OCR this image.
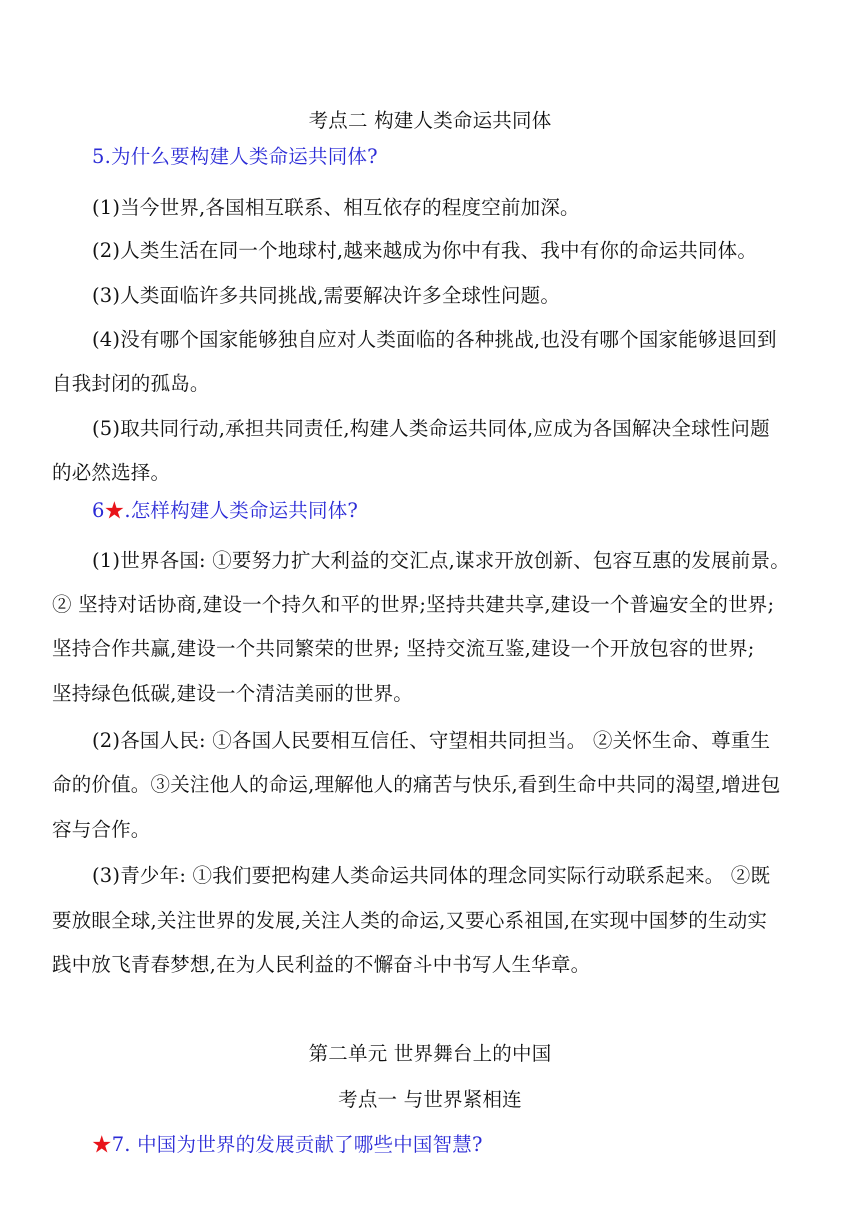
考点二 构建人类命运共同体
5.为什么要构建人类命运共同体?
(1)当今世界,各国相互联系、相互依存的程度空前加深。
(2)人类生活在同一个地球村,越来越成为你中有我、我中有你的命运共同体。
(3)人类面临许多共同挑战,需要解决许多全球性问题。
(4)没有哪个国家能够独自应对人类面临的各种挑战,也没有哪个国家能够退回到
自我封闭的孤岛。
(5)取共同行动,承担共同责任,构建人类命运共同体,应成为各国解决全球性问题
的必然选择。
6★.怎样构建人类命运共同体?
(1)世界各国: ①要努力扩大利益的交汇点,谋求开放创新、包容互惠的发展前景。
② 坚持对话协商,建设一个持久和平的世界;坚持共建共享,建设一个普遍安全的世界;
坚持合作共赢,建设一个共同繁荣的世界; 坚持交流互鉴,建设一个开放包容的世界;
坚持绿色低碳,建设一个清洁美丽的世界。
(2)各国人民: ①各国人民要相互信任、守望相共同担当。 ②关怀生命、尊重生
命的价值。③关注他人的命运,理解他人的痛苦与快乐,看到生命中共同的渴望,增进包
容与合作。
(3)青少年: ①我们要把构建人类命运共同体的理念同实际行动联系起来。 ②既
要放眼全球,关注世界的发展,关注人类的命运,又要心系祖国,在实现中国梦的生动实
践中放飞青春梦想,在为人民利益的不懈奋斗中书写人生华章。
第二单元 世界舞台上的中国
考点一 与世界紧相连
★7. 中国为世界的发展贡献了哪些中国智慧?
